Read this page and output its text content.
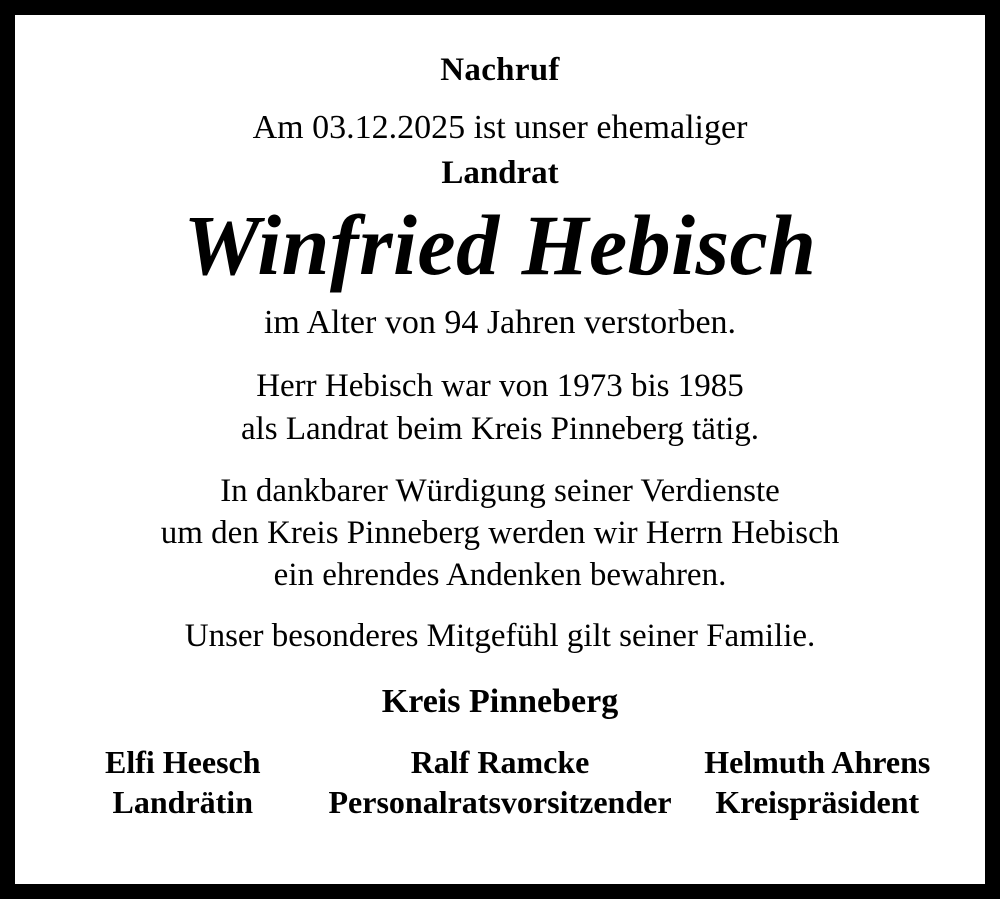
Nachruf
Am 03.12.2025 ist unser ehemaliger
Landrat
Winfried Hebisch
im Alter von 94 Jahren verstorben.
Herr Hebisch war von 1973 bis 1985
als Landrat beim Kreis Pinneberg tätig.
In dankbarer Würdigung seiner Verdienste
um den Kreis Pinneberg werden wir Herrn Hebisch
ein ehrendes Andenken bewahren.
Unser besonderes Mitgefühl gilt seiner Familie.
Kreis Pinneberg
Elfi Heesch
Landrätin
Ralf Ramcke
Personalratsvorsitzender
Helmuth Ahrens
Kreispräsident
